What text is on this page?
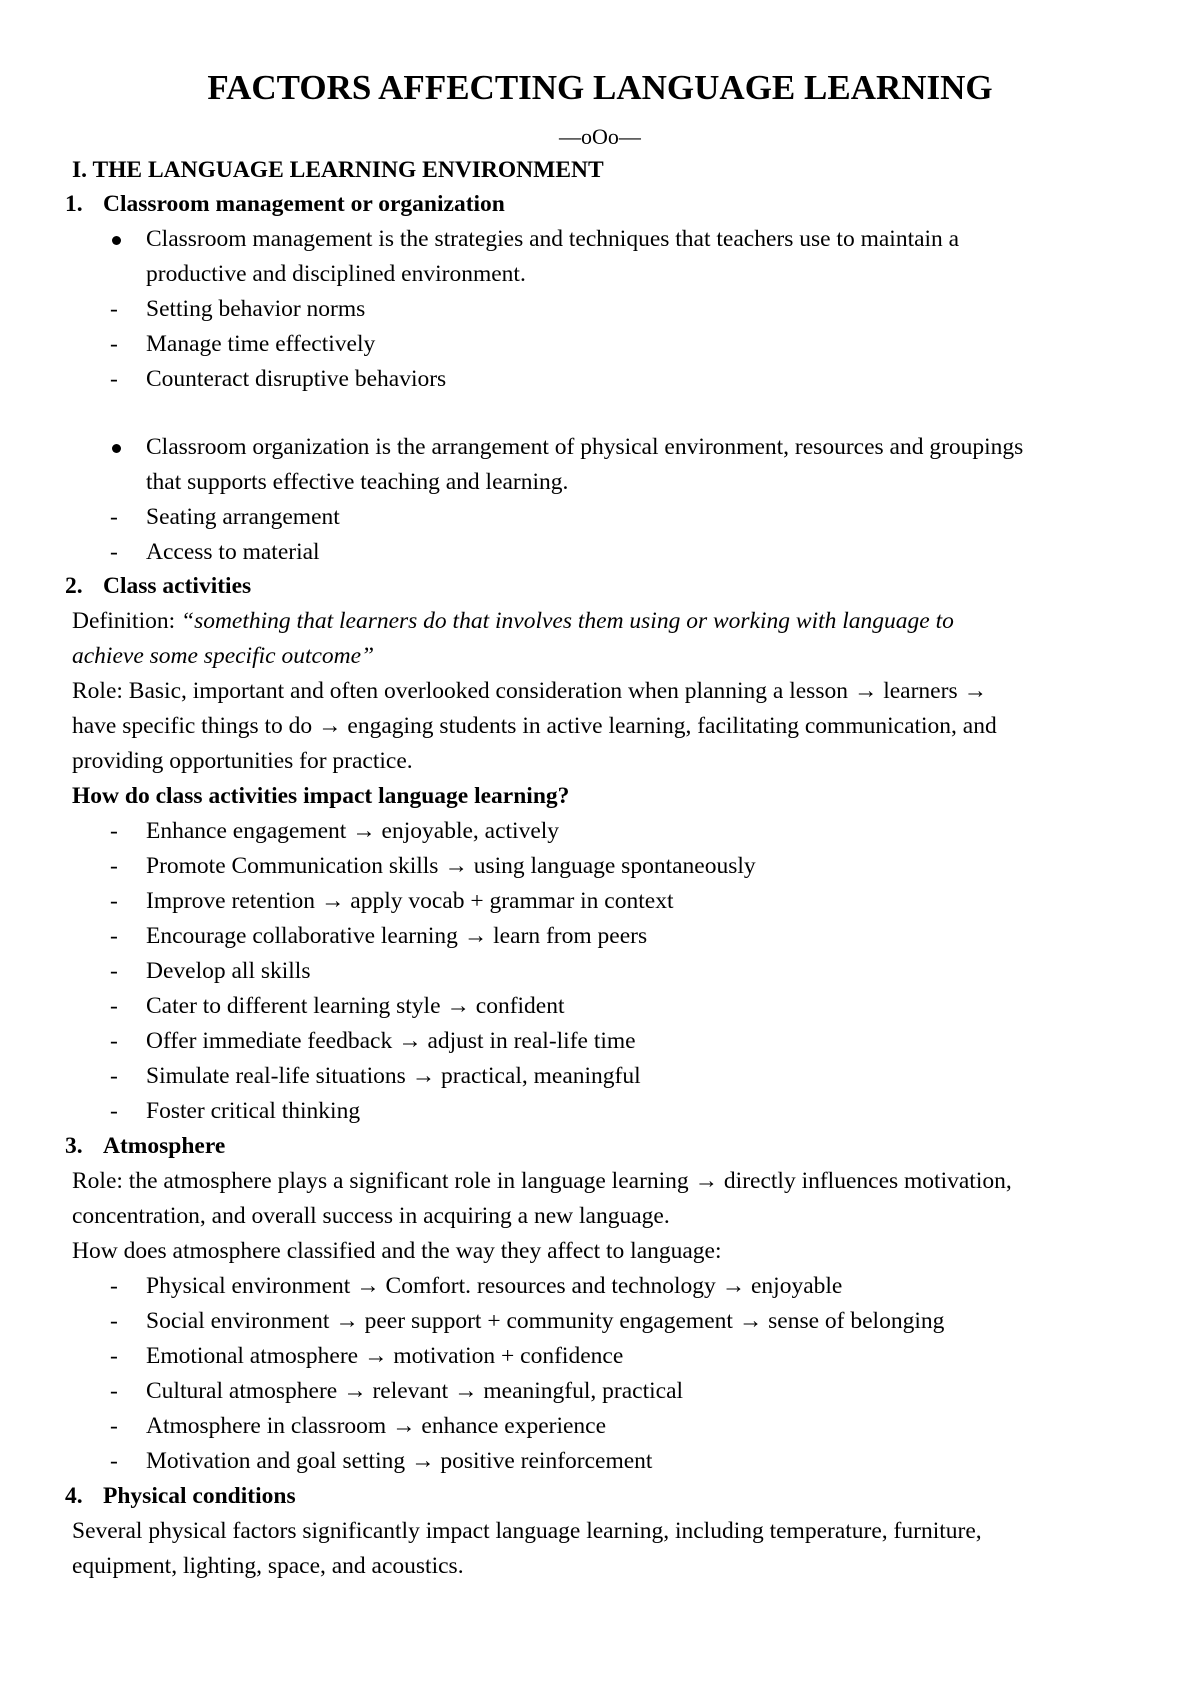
FACTORS AFFECTING LANGUAGE LEARNING
—oOo—
I. THE LANGUAGE LEARNING ENVIRONMENT
1. Classroom management or organization
Classroom management is the strategies and techniques that teachers use to maintain a
productive and disciplined environment.
- Setting behavior norms
- Manage time effectively
- Counteract disruptive behaviors
Classroom organization is the arrangement of physical environment, resources and groupings
that supports effective teaching and learning.
- Seating arrangement
- Access to material
2. Class activities
Definition: “something that learners do that involves them using or working with language to
achieve some specific outcome”
Role: Basic, important and often overlooked consideration when planning a lesson → learners →
have specific things to do → engaging students in active learning, facilitating communication, and
providing opportunities for practice.
How do class activities impact language learning?
- Enhance engagement → enjoyable, actively
- Promote Communication skills → using language spontaneously
- Improve retention → apply vocab + grammar in context
- Encourage collaborative learning → learn from peers
- Develop all skills
- Cater to different learning style → confident
- Offer immediate feedback → adjust in real-life time
- Simulate real-life situations → practical, meaningful
- Foster critical thinking
3. Atmosphere
Role: the atmosphere plays a significant role in language learning → directly influences motivation,
concentration, and overall success in acquiring a new language.
How does atmosphere classified and the way they affect to language:
- Physical environment → Comfort. resources and technology → enjoyable
- Social environment → peer support + community engagement → sense of belonging
- Emotional atmosphere → motivation + confidence
- Cultural atmosphere → relevant → meaningful, practical
- Atmosphere in classroom → enhance experience
- Motivation and goal setting → positive reinforcement
4. Physical conditions
Several physical factors significantly impact language learning, including temperature, furniture,
equipment, lighting, space, and acoustics.
